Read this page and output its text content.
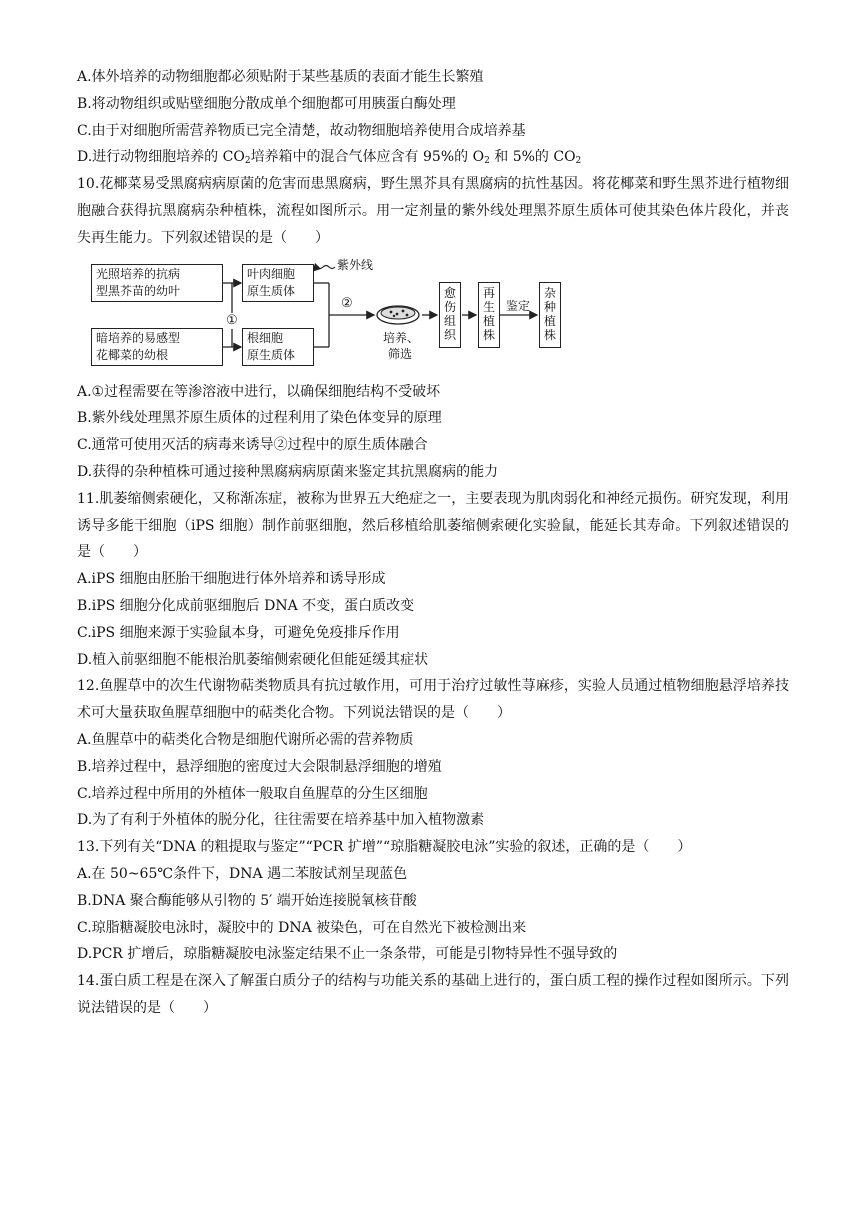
A.体外培养的动物细胞都必须贴附于某些基质的表面才能生长繁殖
B.将动物组织或贴壁细胞分散成单个细胞都可用胰蛋白酶处理
C.由于对细胞所需营养物质已完全清楚，故动物细胞培养使用合成培养基
D.进行动物细胞培养的 $CO_2$培养箱中的混合气体应含有 95%的 $O_2$ 和 5%的 $CO_2$
10.花椰菜易受黑腐病病原菌的危害而患黑腐病，野生黑芥具有黑腐病的抗性基因。将花椰菜和野生黑芥进行植物细胞融合获得抗黑腐病杂种植株，流程如图所示。用一定剂量的紫外线处理黑芥原生质体可使其染色体片段化，并丧失再生能力。下列叙述错误的是（　　）
光照培养的抗病
型黑芥苗的幼叶
暗培养的易感型
花椰菜的幼根
叶肉细胞
原生质体
根细胞
原生质体
紫外线
①
②
培养、
筛选
愈
伤
组
织
再
生
植
株
鉴定
杂
种
植
株
A.①过程需要在等渗溶液中进行，以确保细胞结构不受破坏
B.紫外线处理黑芥原生质体的过程利用了染色体变异的原理
C.通常可使用灭活的病毒来诱导②过程中的原生质体融合
D.获得的杂种植株可通过接种黑腐病病原菌来鉴定其抗黑腐病的能力
11.肌萎缩侧索硬化，又称渐冻症，被称为世界五大绝症之一，主要表现为肌肉弱化和神经元损伤。研究发现，利用诱导多能干细胞（iPS 细胞）制作前驱细胞，然后移植给肌萎缩侧索硬化实验鼠，能延长其寿命。下列叙述错误的是（　　）
A.iPS 细胞由胚胎干细胞进行体外培养和诱导形成
B.iPS 细胞分化成前驱细胞后 DNA 不变，蛋白质改变
C.iPS 细胞来源于实验鼠本身，可避免免疫排斥作用
D.植入前驱细胞不能根治肌萎缩侧索硬化但能延缓其症状
12.鱼腥草中的次生代谢物萜类物质具有抗过敏作用，可用于治疗过敏性荨麻疹，实验人员通过植物细胞悬浮培养技术可大量获取鱼腥草细胞中的萜类化合物。下列说法错误的是（　　）
A.鱼腥草中的萜类化合物是细胞代谢所必需的营养物质
B.培养过程中，悬浮细胞的密度过大会限制悬浮细胞的增殖
C.培养过程中所用的外植体一般取自鱼腥草的分生区细胞
D.为了有利于外植体的脱分化，往往需要在培养基中加入植物激素
13.下列有关“DNA 的粗提取与鉴定”“PCR 扩增”“琼脂糖凝胶电泳”实验的叙述，正确的是（　　）
A.在 50~65℃条件下，DNA 遇二苯胺试剂呈现蓝色
B.DNA 聚合酶能够从引物的 5′ 端开始连接脱氧核苷酸
C.琼脂糖凝胶电泳时，凝胶中的 DNA 被染色，可在自然光下被检测出来
D.PCR 扩增后，琼脂糖凝胶电泳鉴定结果不止一条条带，可能是引物特异性不强导致的
14.蛋白质工程是在深入了解蛋白质分子的结构与功能关系的基础上进行的，蛋白质工程的操作过程如图所示。下列说法错误的是（　　）
